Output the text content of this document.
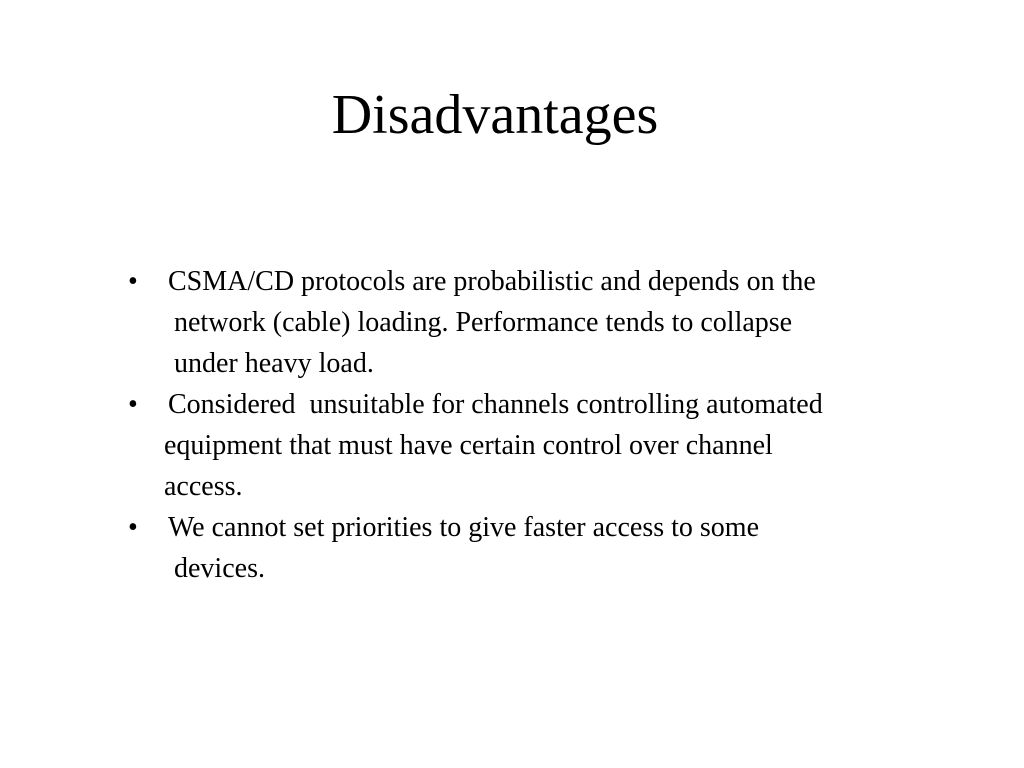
Disadvantages
•	CSMA/CD protocols are probabilistic and depends on the
network (cable) loading. Performance tends to collapse
under heavy load.
•	Considered  unsuitable for channels controlling automated
equipment that must have certain control over channel
access.
•	We cannot set priorities to give faster access to some
devices.
